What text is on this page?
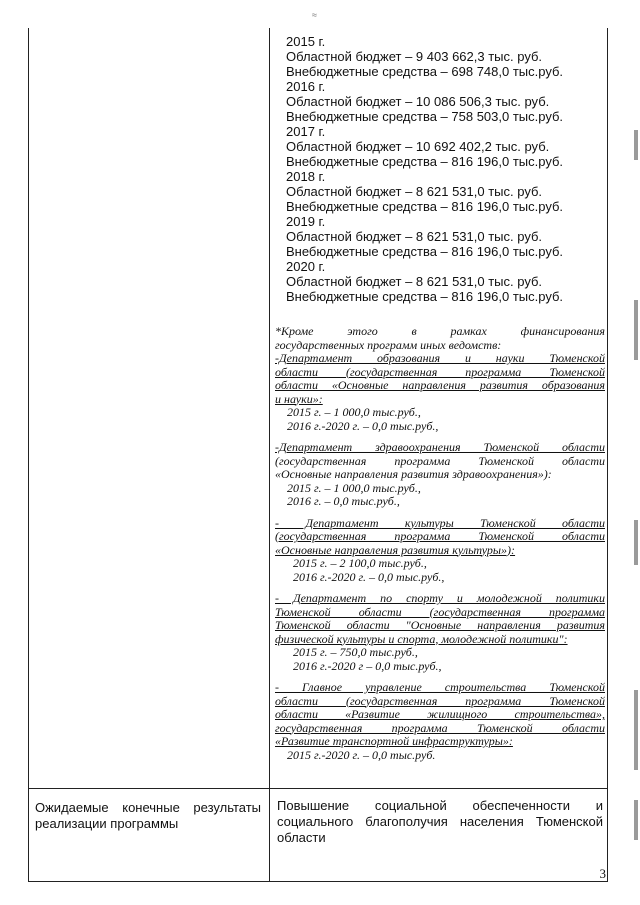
≈
2015 г.
Областной бюджет – 9 403 662,3 тыс. руб.
Внебюджетные средства – 698 748,0 тыс.руб.
2016 г.
Областной бюджет – 10 086 506,3 тыс. руб.
Внебюджетные средства – 758 503,0 тыс.руб.
2017 г.
Областной бюджет – 10 692 402,2 тыс. руб.
Внебюджетные средства – 816 196,0 тыс.руб.
2018 г.
Областной бюджет – 8 621 531,0 тыс. руб.
Внебюджетные средства – 816 196,0 тыс.руб.
2019 г.
Областной бюджет – 8 621 531,0 тыс. руб.
Внебюджетные средства – 816 196,0 тыс.руб.
2020 г.
Областной бюджет – 8 621 531,0 тыс. руб.
Внебюджетные средства – 816 196,0 тыс.руб.

*Кроме этого в рамках финансирования

государственных программ иных ведомств:

-Департамент образования и науки Тюменской

области (государственная программа Тюменской

области «Основные направления развития образования

и науки»:

2015 г. – 1 000,0 тыс.руб.,

2016 г.-2020 г. – 0,0 тыс.руб.,

-Департамент здравоохранения Тюменской области

(государственная программа Тюменской области

«Основные направления развития здравоохранения»):

2015 г. – 1 000,0 тыс.руб.,

2016 г. – 0,0 тыс.руб.,

- Департамент культуры Тюменской области

(государственная программа Тюменской области

«Основные направления развития культуры»):

2015 г. – 2 100,0 тыс.руб.,

2016 г.-2020 г. – 0,0 тыс.руб.,

- Департамент по спорту и молодежной политики

Тюменской области (государственная программа

Тюменской области "Основные направления развития

физической культуры и спорта, молодежной политики":

2015 г. – 750,0 тыс.руб.,

2016 г.-2020 г – 0,0 тыс.руб.,

- Главное управление строительства Тюменской

области (государственная программа Тюменской

области «Развитие жилищного строительства»,

государственная программа Тюменской области

«Развитие транспортной инфраструктуры»:

2015 г.-2020 г. – 0,0 тыс.руб.

Ожидаемые конечные результаты
реализации программы
Повышение социальной обеспеченности и
социального благополучия населения Тюменской
области
3
